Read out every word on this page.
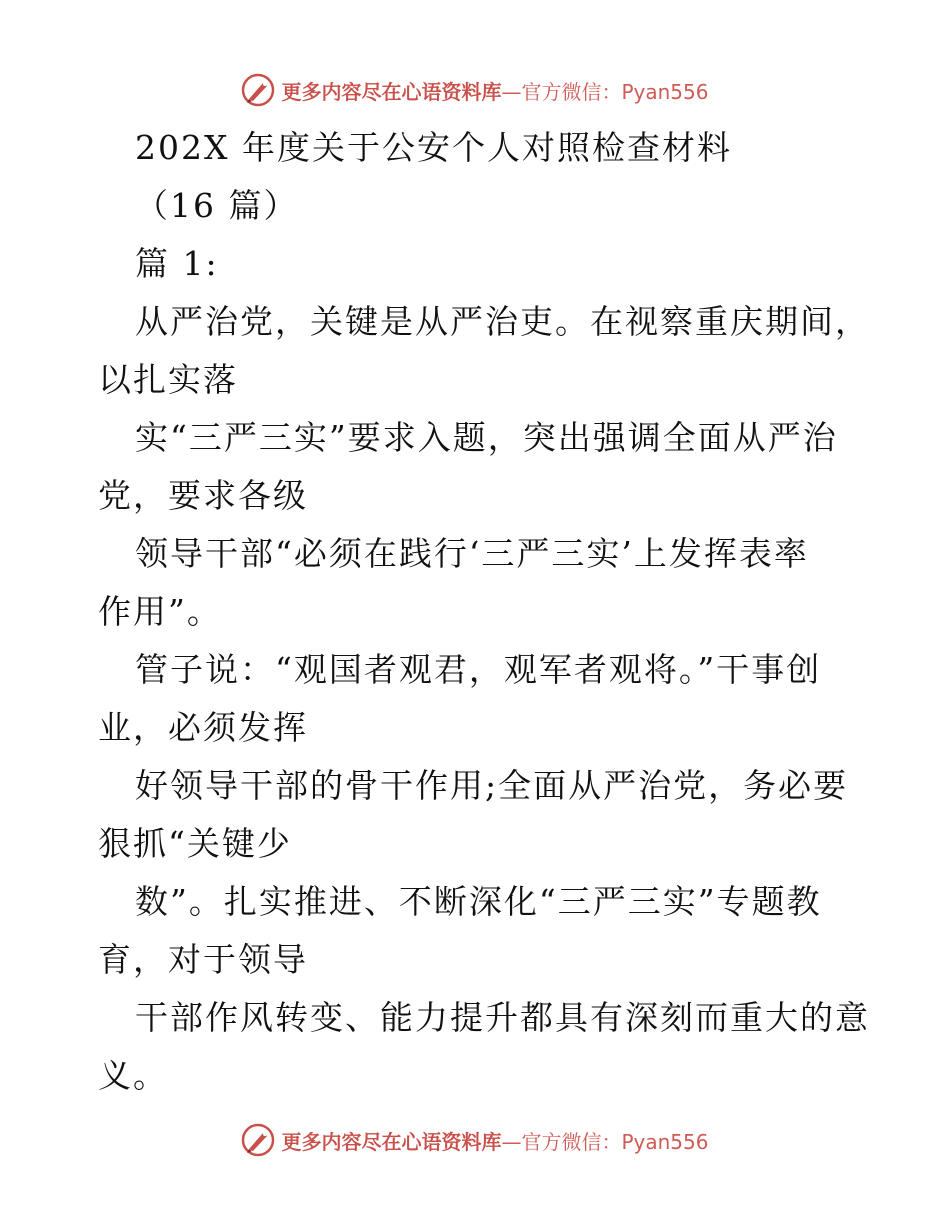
更多内容尽在心语资料库—官方微信：Pyan556
202X 年度关于公安个人对照检查材料
（16 篇）
篇 1:
从严治党，关键是从严治吏。在视察重庆期间，
以扎实落
实“三严三实”要求入题，突出强调全面从严治
党，要求各级
领导干部“必须在践行‘三严三实’上发挥表率
作用”。
管子说：“观国者观君，观军者观将。”干事创
业，必须发挥
好领导干部的骨干作用;全面从严治党，务必要
狠抓“关键少
数”。扎实推进、不断深化“三严三实”专题教
育，对于领导
干部作风转变、能力提升都具有深刻而重大的意
义。
更多内容尽在心语资料库—官方微信：Pyan556
